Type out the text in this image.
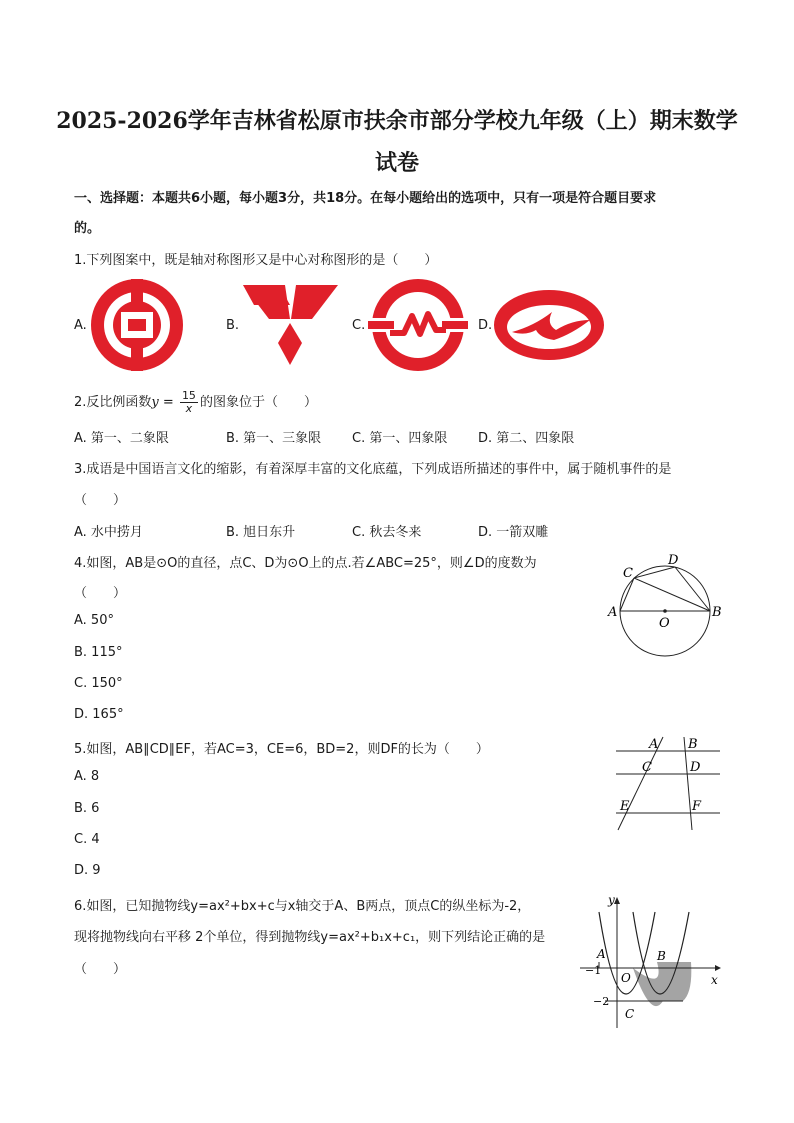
2025-2026学年吉林省松原市扶余市部分学校九年级（上）期末数学
试卷
一、选择题：本题共6小题，每小题3分，共18分。在每小题给出的选项中，只有一项是符合题目要求
的。
1.下列图案中，既是轴对称图形又是中心对称图形的是（　　）
A.	B.	C.	D.
2.反比例函数$y = \frac{15}{x}$ 的图象位于（　　）
A. 第一、二象限	B. 第一、三象限 C. 第一、四象限 D. 第二、四象限
3.成语是中国语言文化的缩影，有着深厚丰富的文化底蕴，下列成语所描述的事件中，属于随机事件的是
（　　）
A. 水中捞月	B. 旭日东升	C. 秋去冬来	D. 一箭双雕
4.如图，AB是⊙O的直径，点C、D为⊙O上的点.若∠ABC=25°，则∠D的度数为
（　　）
A. 50°
B. 115°
C. 150°
D. 165°
A	B
C
D
O
5.如图，AB∥CD∥EF，若AC=3，CE=6，BD=2，则DF的长为（　　）
A. 8
B. 6
C. 4
D. 9
A B
C	D
E	F
6.如图，已知抛物线y=ax²+bx+c与x轴交于A、B两点，顶点C的纵坐标为-2，
现将抛物线向右平移 2个单位，得到抛物线y=ax²+b₁x+c₁，则下列结论正确的是
（　　）
y
x
A	B
C
O
−1
−2
